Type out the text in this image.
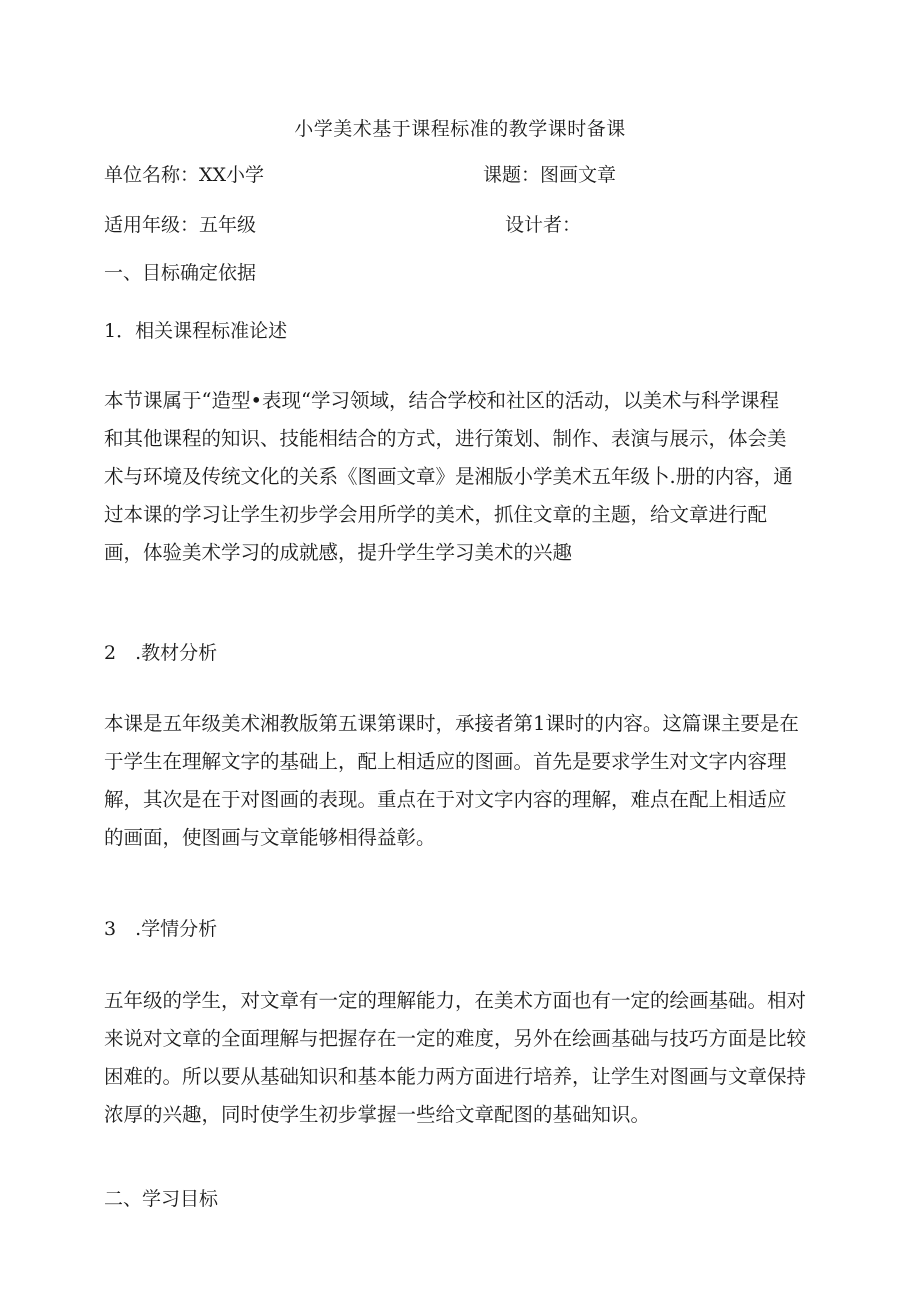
小学美术基于课程标准的教学课时备课
单位名称：XX小学	课题：图画文章
适用年级：五年级	设计者：
一、目标确定依据
1．相关课程标准论述
本节课属于“造型•表现“学习领域，结合学校和社区的活动，以美术与科学课程
和其他课程的知识、技能相结合的方式，进行策划、制作、表演与展示，体会美
术与环境及传统文化的关系《图画文章》是湘版小学美术五年级卜.册的内容，通
过本课的学习让学生初步学会用所学的美术，抓住文章的主题，给文章进行配
画，体验美术学习的成就感，提升学生学习美术的兴趣
2　.教材分析
本课是五年级美术湘教版第五课第课时，承接者第1课时的内容。这篇课主要是在
于学生在理解文字的基础上，配上相适应的图画。首先是要求学生对文字内容理
解，其次是在于对图画的表现。重点在于对文字内容的理解，难点在配上相适应
的画面，使图画与文章能够相得益彰。
3　.学情分析
五年级的学生，对文章有一定的理解能力，在美术方面也有一定的绘画基础。相对
来说对文章的全面理解与把握存在一定的难度，另外在绘画基础与技巧方面是比较
困难的。所以要从基础知识和基本能力两方面进行培养，让学生对图画与文章保持
浓厚的兴趣，同时使学生初步掌握一些给文章配图的基础知识。
二、学习目标
